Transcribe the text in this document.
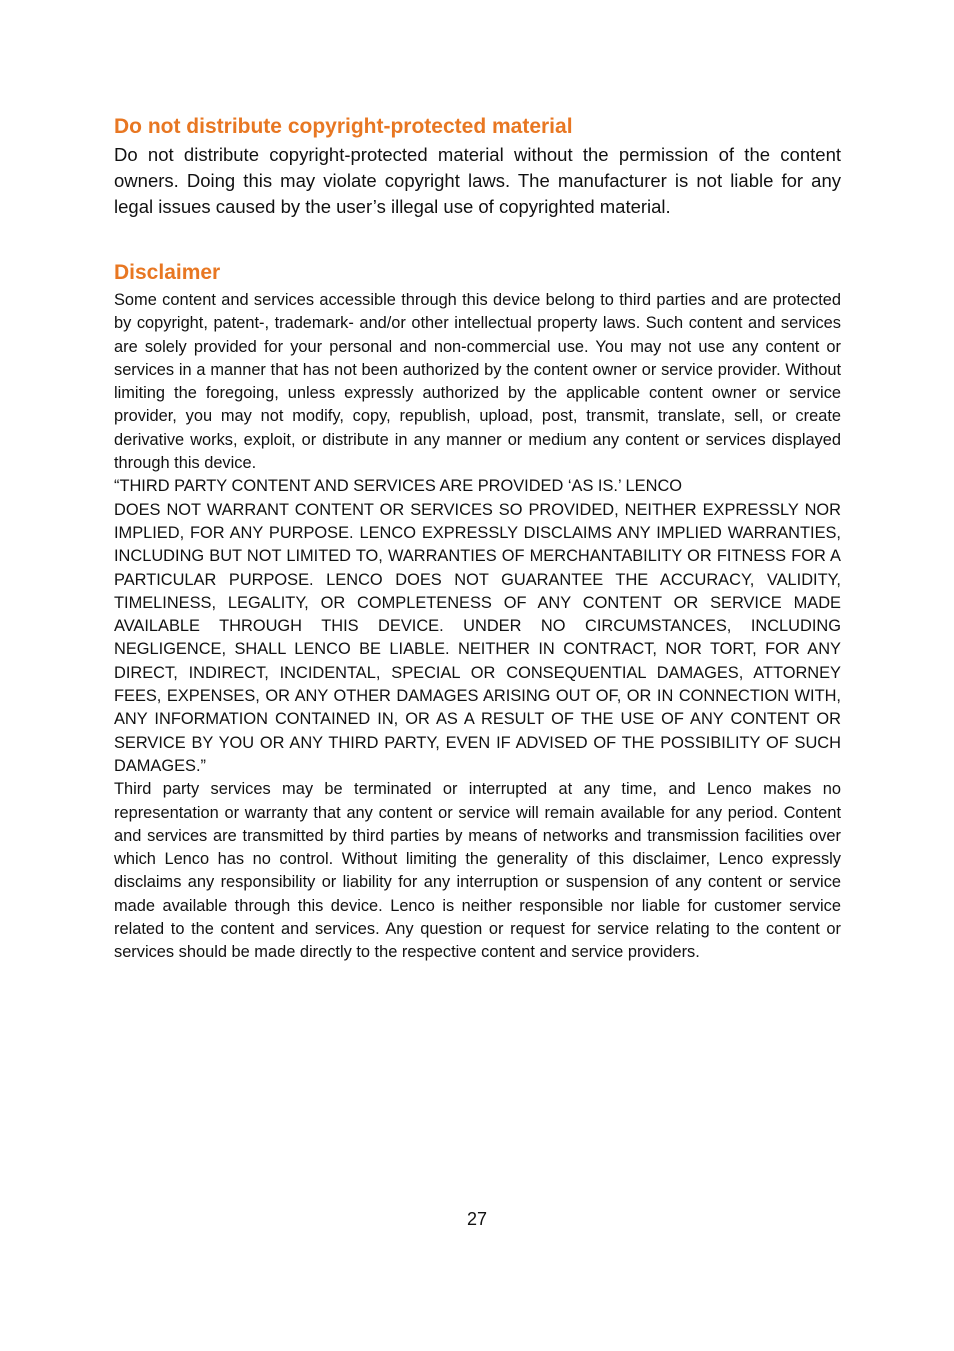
Do not distribute copyright-protected material

Do not distribute copyright-protected material without the permission of the content owners. Doing this may violate copyright laws. The manufacturer is not liable for any legal issues caused by the user’s illegal use of copyrighted material.

Disclaimer

Some content and services accessible through this device belong to third parties and are protected by copyright, patent-, trademark- and/or other intellectual property laws. Such content and services are solely provided for your personal and non-commercial use. You may not use any content or services in a manner that has not been authorized by the content owner or service provider. Without limiting the foregoing, unless expressly authorized by the applicable content owner or service provider, you may not modify, copy, republish, upload, post, transmit, translate, sell, or create derivative works, exploit, or distribute in any manner or medium any content or services displayed through this device.

“THIRD PARTY CONTENT AND SERVICES ARE PROVIDED ‘AS IS.’ LENCO

DOES NOT WARRANT CONTENT OR SERVICES SO PROVIDED, NEITHER EXPRESSLY NOR IMPLIED, FOR ANY PURPOSE. LENCO EXPRESSLY DISCLAIMS ANY IMPLIED WARRANTIES, INCLUDING BUT NOT LIMITED TO, WARRANTIES OF MERCHANTABILITY OR FITNESS FOR A PARTICULAR PURPOSE. LENCO DOES NOT GUARANTEE THE ACCURACY, VALIDITY, TIMELINESS, LEGALITY, OR COMPLETENESS OF ANY CONTENT OR SERVICE MADE AVAILABLE THROUGH THIS DEVICE. UNDER NO CIRCUMSTANCES, INCLUDING NEGLIGENCE, SHALL LENCO BE LIABLE. NEITHER IN CONTRACT, NOR TORT, FOR ANY DIRECT, INDIRECT, INCIDENTAL, SPECIAL OR CONSEQUENTIAL DAMAGES, ATTORNEY FEES, EXPENSES, OR ANY OTHER DAMAGES ARISING OUT OF, OR IN CONNECTION WITH, ANY INFORMATION CONTAINED IN, OR AS A RESULT OF THE USE OF ANY CONTENT OR SERVICE BY YOU OR ANY THIRD PARTY, EVEN IF ADVISED OF THE POSSIBILITY OF SUCH DAMAGES.”

Third party services may be terminated or interrupted at any time, and Lenco makes no representation or warranty that any content or service will remain available for any period. Content and services are transmitted by third parties by means of networks and transmission facilities over which Lenco has no control. Without limiting the generality of this disclaimer, Lenco expressly disclaims any responsibility or liability for any interruption or suspension of any content or service made available through this device. Lenco is neither responsible nor liable for customer service related to the content and services. Any question or request for service relating to the content or services should be made directly to the respective content and service providers.

27
